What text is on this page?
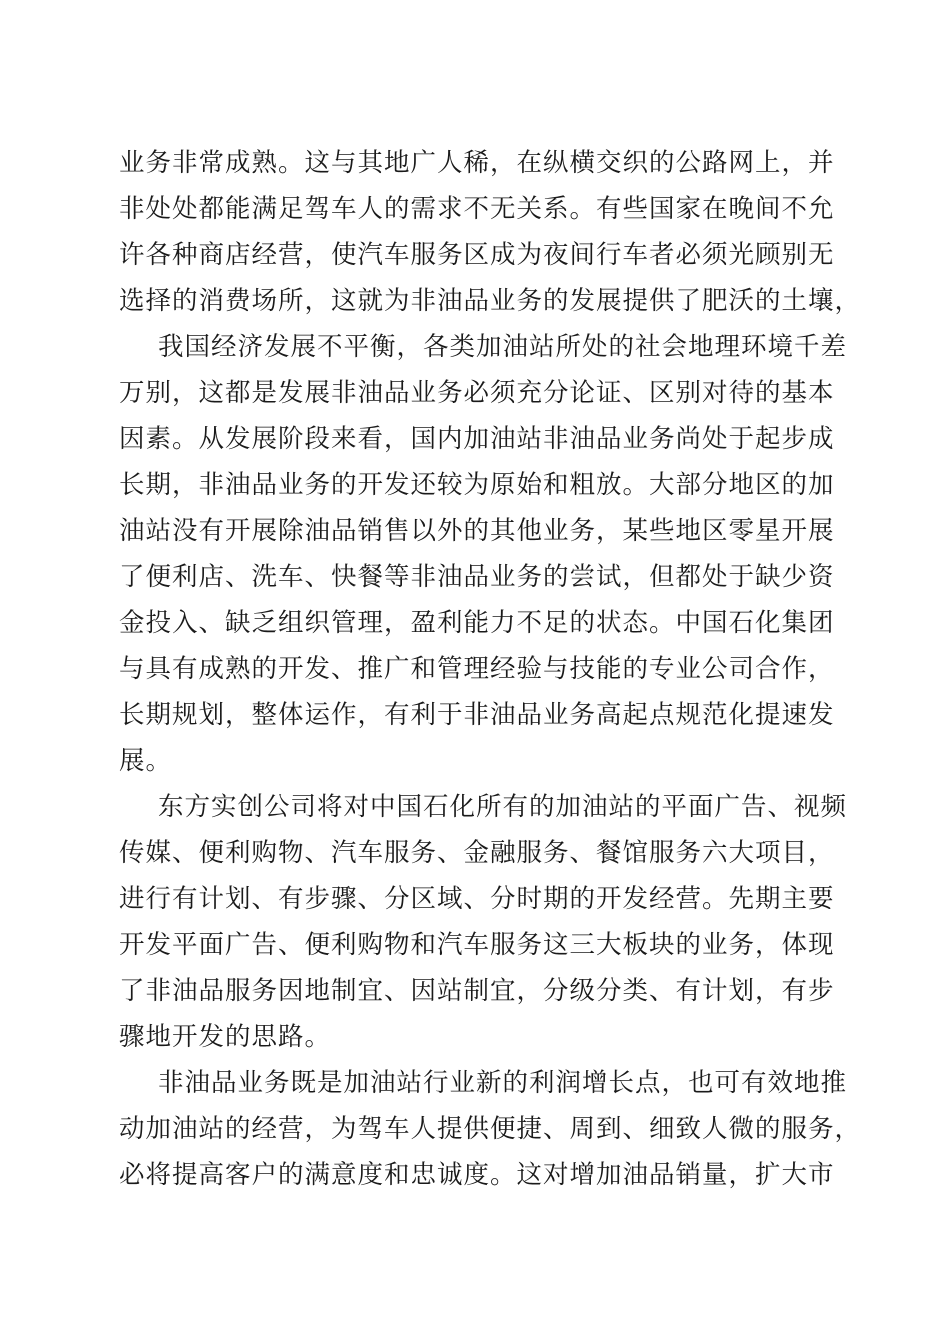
业务非常成熟。这与其地广人稀，在纵横交织的公路网上，并
非处处都能满足驾车人的需求不无关系。有些国家在晚间不允
许各种商店经营，使汽车服务区成为夜间行车者必须光顾别无
选择的消费场所，这就为非油品业务的发展提供了肥沃的土壤，
我国经济发展不平衡，各类加油站所处的社会地理环境千差
万别，这都是发展非油品业务必须充分论证、区别对待的基本
因素。从发展阶段来看，国内加油站非油品业务尚处于起步成
长期，非油品业务的开发还较为原始和粗放。大部分地区的加
油站没有开展除油品销售以外的其他业务，某些地区零星开展
了便利店、洗车、快餐等非油品业务的尝试，但都处于缺少资
金投入、缺乏组织管理，盈利能力不足的状态。中国石化集团
与具有成熟的开发、推广和管理经验与技能的专业公司合作，
长期规划，整体运作，有利于非油品业务高起点规范化提速发
展。
东方实创公司将对中国石化所有的加油站的平面广告、视频
传媒、便利购物、汽车服务、金融服务、餐馆服务六大项目，
进行有计划、有步骤、分区域、分时期的开发经营。先期主要
开发平面广告、便利购物和汽车服务这三大板块的业务，体现
了非油品服务因地制宜、因站制宜，分级分类、有计划，有步
骤地开发的思路。
非油品业务既是加油站行业新的利润增长点，也可有效地推
动加油站的经营，为驾车人提供便捷、周到、细致人微的服务，
必将提高客户的满意度和忠诚度。这对增加油品销量，扩大市
